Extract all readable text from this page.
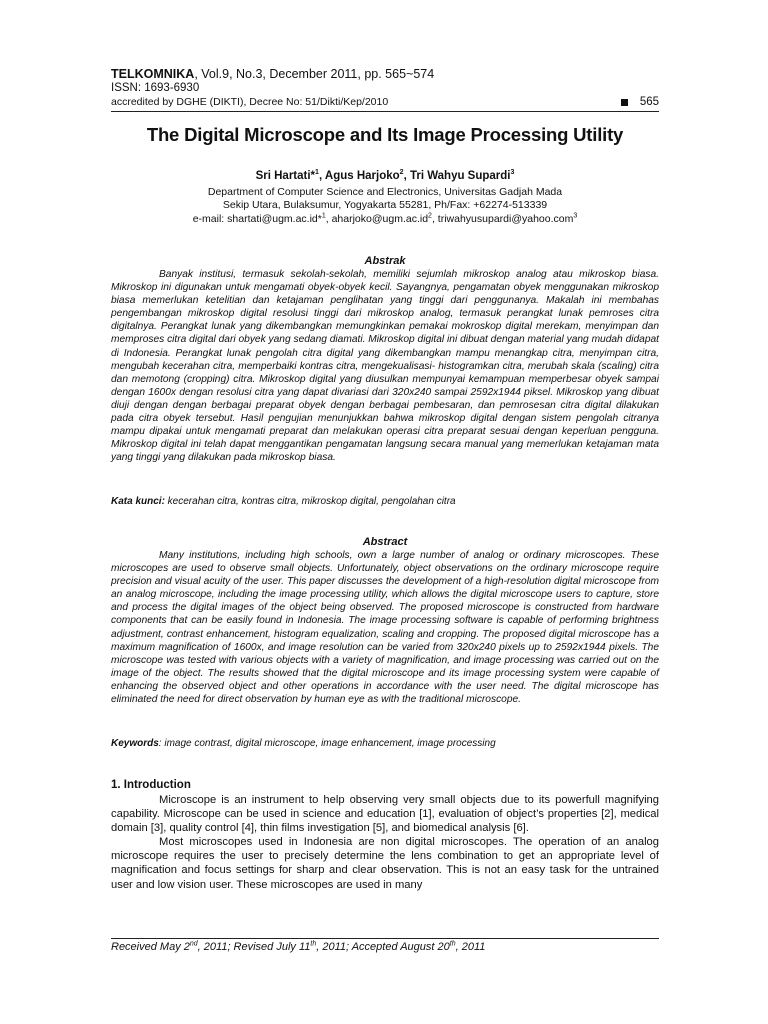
TELKOMNIKA, Vol.9, No.3, December 2011, pp. 565~574
ISSN: 1693-6930
accredited by DGHE (DIKTI), Decree No: 51/Dikti/Kep/2010	565
The Digital Microscope and Its Image Processing Utility
Sri Hartati*$^1$, Agus Harjoko$^2$, Tri Wahyu Supardi$^3$
Department of Computer Science and Electronics, Universitas Gadjah Mada
Sekip Utara, Bulaksumur, Yogyakarta 55281, Ph/Fax: +62274-513339
e-mail: shartati@ugm.ac.id*$^1$, $aharjoko@ugm.ac.id^2$, triwahyusupardi@yahoo.com$^3$
Abstrak

Banyak institusi, termasuk sekolah-sekolah, memiliki sejumlah mikroskop analog atau mikroskop biasa. Mikroskop ini digunakan untuk mengamati obyek-obyek kecil. Sayangnya, pengamatan obyek menggunakan mikroskop biasa memerlukan ketelitian dan ketajaman penglihatan yang tinggi dari penggunanya. Makalah ini membahas pengembangan mikroskop digital resolusi tinggi dari mikroskop analog, termasuk perangkat lunak pemroses citra digitalnya. Perangkat lunak yang dikembangkan memungkinkan pemakai mokroskop digital merekam, menyimpan dan memproses citra digital dari obyek yang sedang diamati. Mikroskop digital ini dibuat dengan material yang mudah didapat di Indonesia. Perangkat lunak pengolah citra digital yang dikembangkan mampu menangkap citra, menyimpan citra, mengubah kecerahan citra, memperbaiki kontras citra, mengekualisasi- histogramkan citra, merubah skala (scaling) citra dan memotong (cropping) citra. Mikroskop digital yang diusulkan mempunyai kemampuan memperbesar obyek sampai dengan 1600x dengan resolusi citra yang dapat divariasi dari 320x240 sampai 2592x1944 piksel. Mikroskop yang dibuat diuji dengan dengan berbagai preparat obyek dengan berbagai pembesaran, dan pemrosesan citra digital dilakukan pada citra obyek tersebut. Hasil pengujian menunjukkan bahwa mikroskop digital dengan sistem pengolah citranya mampu dipakai untuk mengamati preparat dan melakukan operasi citra preparat sesuai dengan keperluan pengguna. Mikroskop digital ini telah dapat menggantikan pengamatan langsung secara manual yang memerlukan ketajaman mata yang tinggi yang dilakukan pada mikroskop biasa.

Kata kunci: kecerahan citra, kontras citra, mikroskop digital, pengolahan citra
Abstract

Many institutions, including high schools, own a large number of analog or ordinary microscopes. These microscopes are used to observe small objects. Unfortunately, object observations on the ordinary microscope require precision and visual acuity of the user. This paper discusses the development of a high-resolution digital microscope from an analog microscope, including the image processing utility, which allows the digital microscope users to capture, store and process the digital images of the object being observed. The proposed microscope is constructed from hardware components that can be easily found in Indonesia. The image processing software is capable of performing brightness adjustment, contrast enhancement, histogram equalization, scaling and cropping. The proposed digital microscope has a maximum magnification of 1600x, and image resolution can be varied from 320x240 pixels up to 2592x1944 pixels. The microscope was tested with various objects with a variety of magnification, and image processing was carried out on the image of the object. The results showed that the digital microscope and its image processing system were capable of enhancing the observed object and other operations in accordance with the user need. The digital microscope has eliminated the need for direct observation by human eye as with the traditional microscope.

Keywords: image contrast, digital microscope, image enhancement, image processing
1. Introduction

Microscope is an instrument to help observing very small objects due to its powerfull magnifying capability. Microscope can be used in science and education [1], evaluation of object’s properties [2], medical domain [3], quality control [4], thin films investigation [5], and biomedical analysis [6].

Most microscopes used in Indonesia are non digital microscopes. The operation of an analog microscope requires the user to precisely determine the lens combination to get an appropriate level of magnification and focus settings for sharp and clear observation. This is not an easy task for the untrained user and low vision user. These microscopes are used in many

Received May 2nd, 2011; Revised July 11th, 2011; Accepted August 20th, 2011
